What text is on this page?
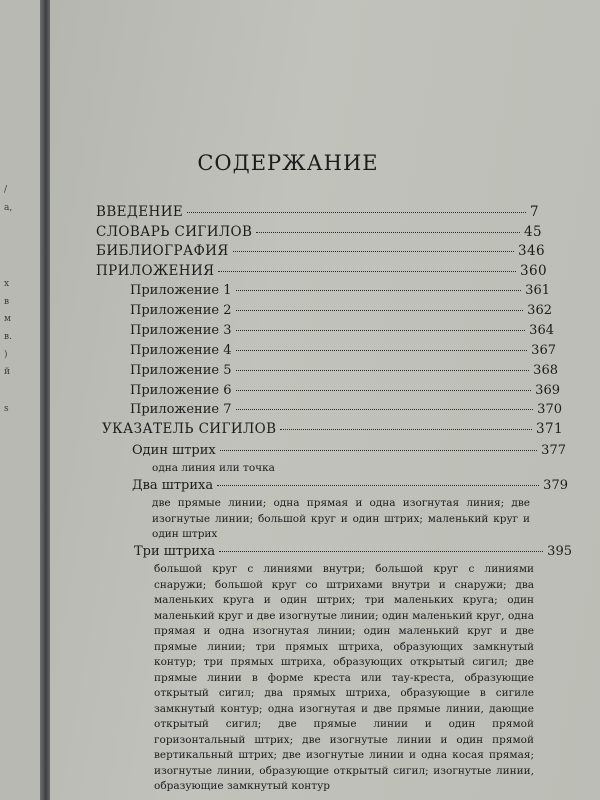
/
а,
х
в
м
в.
)
й
s
СОДЕРЖАНИЕ
ВВЕДЕНИЕ	7
СЛОВАРЬ СИГИЛОВ	45
БИБЛИОГРАФИЯ	346
ПРИЛОЖЕНИЯ	360
Приложение 1	361
Приложение 2	362
Приложение 3	364
Приложение 4	367
Приложение 5	368
Приложение 6	369
Приложение 7	370
УКАЗАТЕЛЬ СИГИЛОВ	371
Один штрих	377
одна линия или точка
Два штриха	379
две прямые линии; одна прямая и одна изогнутая линия; две изогнутые линии; большой круг и один штрих; маленький круг и один штрих
Три штриха	395
большой круг с линиями внутри; большой круг с линиями снаружи; большой круг со штрихами внутри и снаружи; два маленьких круга и один штрих; три маленьких круга; один маленький круг и две изогнутые линии; один маленький круг, одна прямая и одна изогнутая линии; один маленький круг и две прямые линии; три прямых штриха, образующих замкнутый контур; три прямых штриха, образующих открытый сигил; две прямые линии в форме креста или тау-креста, образующие открытый сигил; два прямых штриха, образующие в сигиле замкнутый контур; одна изогнутая и две прямые линии, дающие открытый сигил; две прямые линии и один прямой горизонтальный штрих; две изогнутые линии и один прямой вертикальный штрих; две изогнутые линии и одна косая прямая; изогнутые линии, образующие открытый сигил; изогнутые линии, образующие замкнутый контур
